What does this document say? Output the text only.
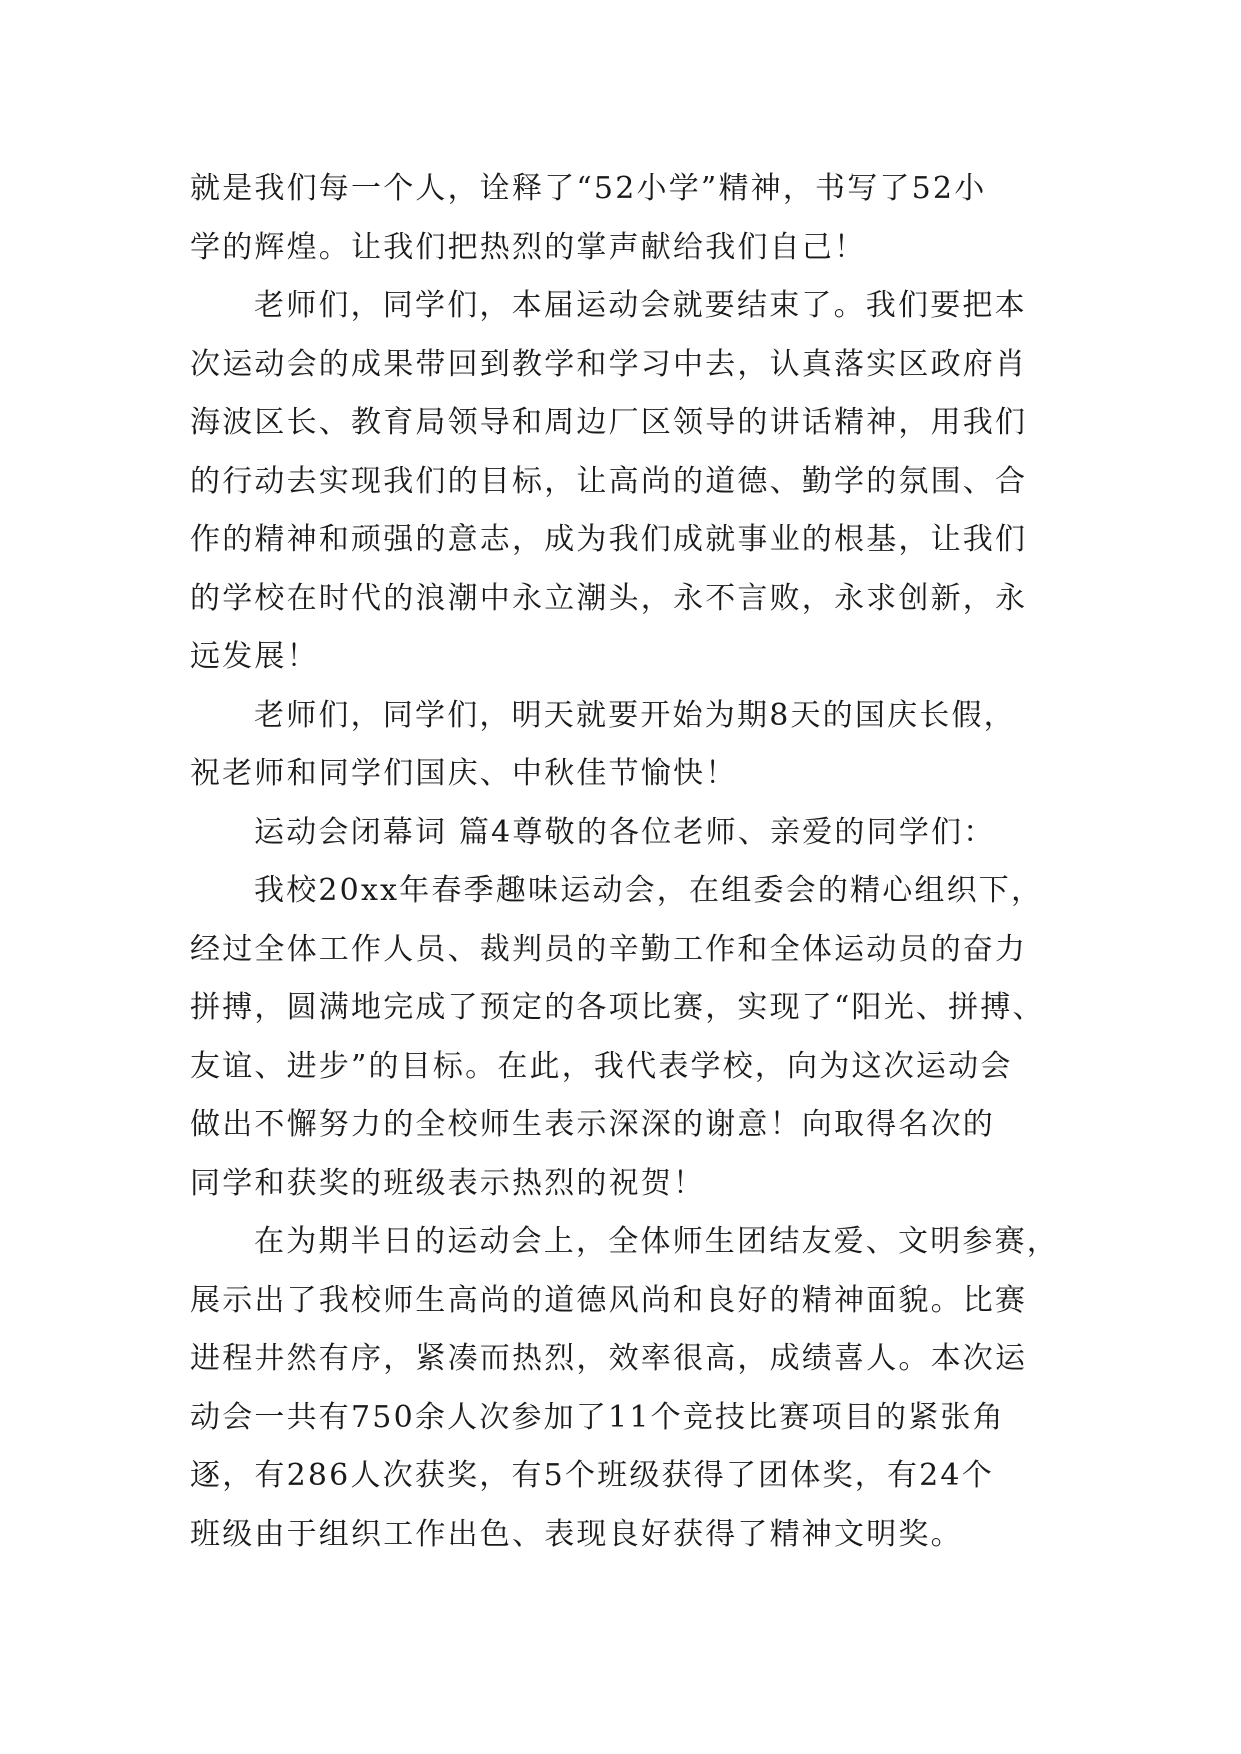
就是我们每一个人，诠释了“52小学”精神，书写了52小
学的辉煌。让我们把热烈的掌声献给我们自己！
老师们，同学们，本届运动会就要结束了。我们要把本
次运动会的成果带回到教学和学习中去，认真落实区政府肖
海波区长、教育局领导和周边厂区领导的讲话精神，用我们
的行动去实现我们的目标，让高尚的道德、勤学的氛围、合
作的精神和顽强的意志，成为我们成就事业的根基，让我们
的学校在时代的浪潮中永立潮头，永不言败，永求创新，永
远发展！
老师们，同学们，明天就要开始为期8天的国庆长假，
祝老师和同学们国庆、中秋佳节愉快！
运动会闭幕词 篇4尊敬的各位老师、亲爱的同学们：
我校20xx年春季趣味运动会，在组委会的精心组织下，
经过全体工作人员、裁判员的辛勤工作和全体运动员的奋力
拼搏，圆满地完成了预定的各项比赛，实现了“阳光、拼搏、
友谊、进步”的目标。在此，我代表学校，向为这次运动会
做出不懈努力的全校师生表示深深的谢意！向取得名次的
同学和获奖的班级表示热烈的祝贺！
在为期半日的运动会上，全体师生团结友爱、文明参赛，
展示出了我校师生高尚的道德风尚和良好的精神面貌。比赛
进程井然有序，紧凑而热烈，效率很高，成绩喜人。本次运
动会一共有750余人次参加了11个竞技比赛项目的紧张角
逐，有286人次获奖，有5个班级获得了团体奖，有24个
班级由于组织工作出色、表现良好获得了精神文明奖。
